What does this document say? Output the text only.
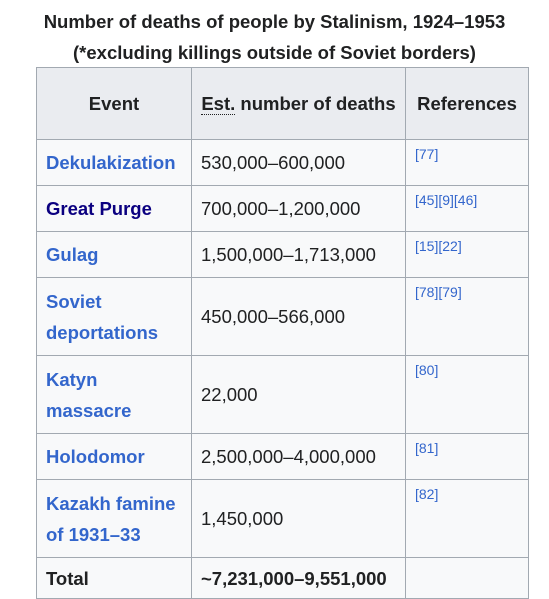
Number of deaths of people by Stalinism, 1924–1953
(*excluding killings outside of Soviet borders)
Event	Est. number of deaths	References
Dekulakization	530,000–600,000	[77]
Great Purge	700,000–1,200,000	[45][9][46]
Gulag	1,500,000–1,713,000	[15][22]
Soviet deportations	450,000–566,000	[78][79]
Katyn massacre	22,000	[80]
Holodomor	2,500,000–4,000,000	[81]
Kazakh famine of 1931–33	1,450,000	[82]
Total	~7,231,000–9,551,000	
